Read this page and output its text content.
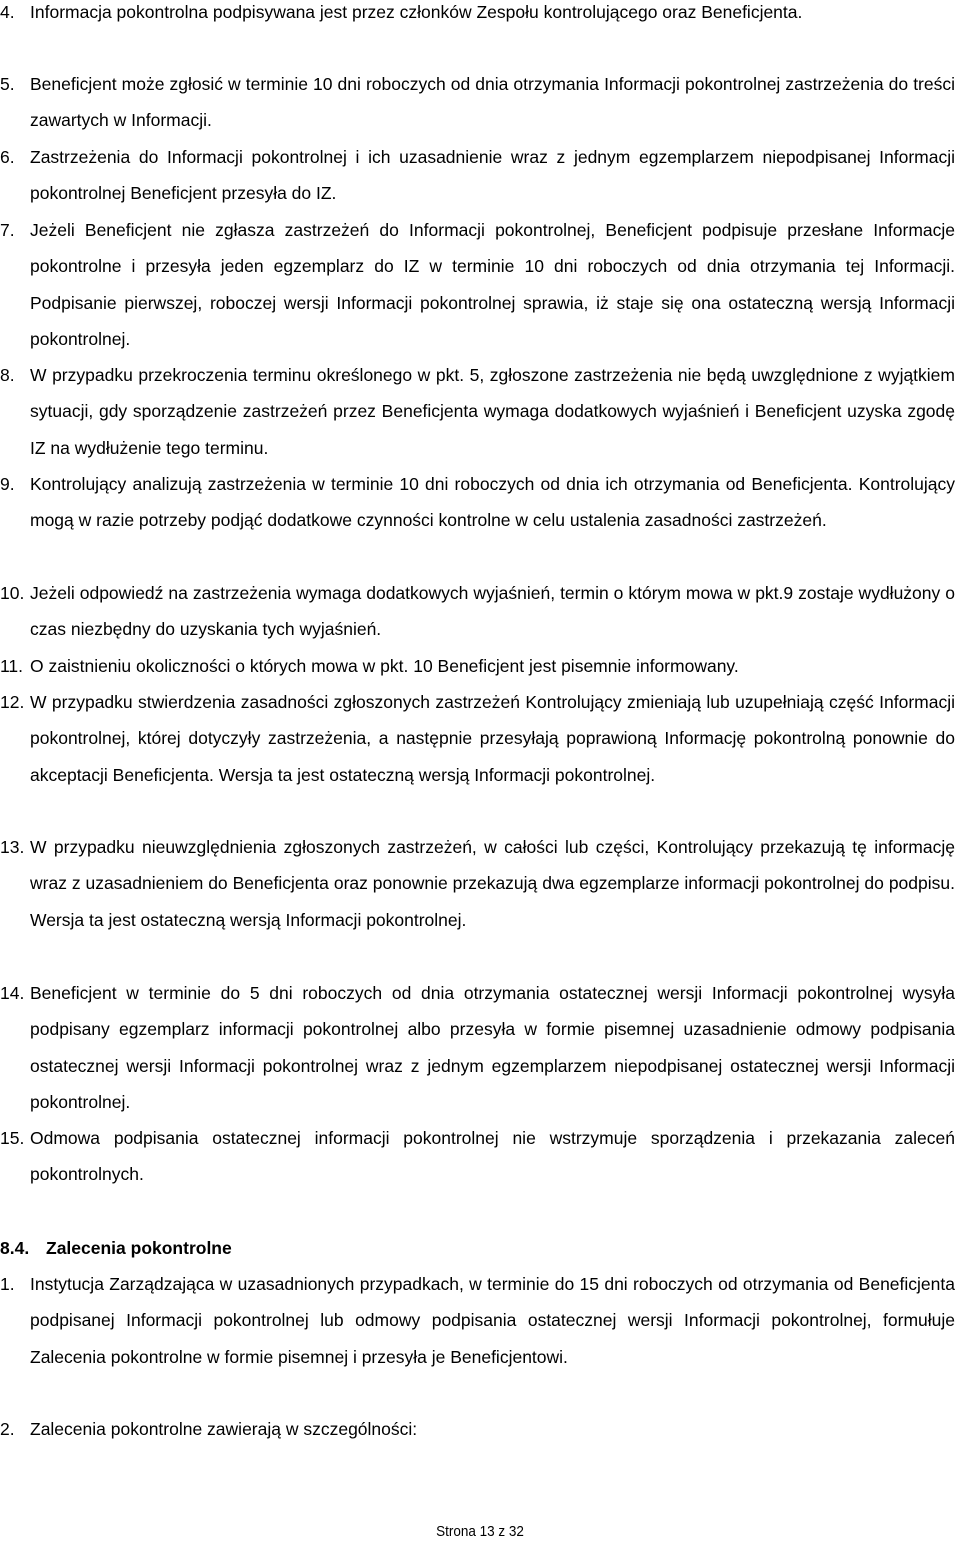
4. Informacja pokontrolna podpisywana jest przez członków Zespołu kontrolującego oraz Beneficjenta.
5. Beneficjent może zgłosić w terminie 10 dni roboczych od dnia otrzymania Informacji pokontrolnej zastrzeżenia do treści zawartych w Informacji.
6. Zastrzeżenia do Informacji pokontrolnej i ich uzasadnienie wraz z jednym egzemplarzem niepodpisanej Informacji pokontrolnej Beneficjent przesyła do IZ.
7. Jeżeli Beneficjent nie zgłasza zastrzeżeń do Informacji pokontrolnej, Beneficjent podpisuje przesłane Informacje pokontrolne i przesyła jeden egzemplarz do IZ w terminie 10 dni roboczych od dnia otrzymania tej Informacji. Podpisanie pierwszej, roboczej wersji Informacji pokontrolnej sprawia, iż staje się ona ostateczną wersją Informacji pokontrolnej.
8. W przypadku przekroczenia terminu określonego w pkt. 5, zgłoszone zastrzeżenia nie będą uwzględnione z wyjątkiem sytuacji, gdy sporządzenie zastrzeżeń przez Beneficjenta wymaga dodatkowych wyjaśnień i Beneficjent uzyska zgodę IZ na wydłużenie tego terminu.
9. Kontrolujący analizują zastrzeżenia w terminie 10 dni roboczych od dnia ich otrzymania od Beneficjenta. Kontrolujący mogą w razie potrzeby podjąć dodatkowe czynności kontrolne w celu ustalenia zasadności zastrzeżeń.
10. Jeżeli odpowiedź na zastrzeżenia wymaga dodatkowych wyjaśnień, termin o którym mowa w pkt.9 zostaje wydłużony o czas niezbędny do uzyskania tych wyjaśnień.
11. O zaistnieniu okoliczności o których mowa w pkt. 10 Beneficjent jest pisemnie informowany.
12. W przypadku stwierdzenia zasadności zgłoszonych zastrzeżeń Kontrolujący zmieniają lub uzupełniają część Informacji pokontrolnej, której dotyczyły zastrzeżenia, a następnie przesyłają poprawioną Informację pokontrolną ponownie do akceptacji Beneficjenta. Wersja ta jest ostateczną wersją Informacji pokontrolnej.
13. W przypadku nieuwzględnienia zgłoszonych zastrzeżeń, w całości lub części, Kontrolujący przekazują tę informację wraz z uzasadnieniem do Beneficjenta oraz ponownie przekazują dwa egzemplarze informacji pokontrolnej do podpisu. Wersja ta jest ostateczną wersją Informacji pokontrolnej.
14. Beneficjent w terminie do 5 dni roboczych od dnia otrzymania ostatecznej wersji Informacji pokontrolnej wysyła podpisany egzemplarz informacji pokontrolnej albo przesyła w formie pisemnej uzasadnienie odmowy podpisania ostatecznej wersji Informacji pokontrolnej wraz z jednym egzemplarzem niepodpisanej ostatecznej wersji Informacji pokontrolnej.
15. Odmowa podpisania ostatecznej informacji pokontrolnej nie wstrzymuje sporządzenia i przekazania zaleceń pokontrolnych.
8.4. Zalecenia pokontrolne
1. Instytucja Zarządzająca w uzasadnionych przypadkach, w terminie do 15 dni roboczych od otrzymania od Beneficjenta podpisanej Informacji pokontrolnej lub odmowy podpisania ostatecznej wersji Informacji pokontrolnej, formułuje Zalecenia pokontrolne w formie pisemnej i przesyła je Beneficjentowi.
2. Zalecenia pokontrolne zawierają w szczególności:
Strona 13 z 32
